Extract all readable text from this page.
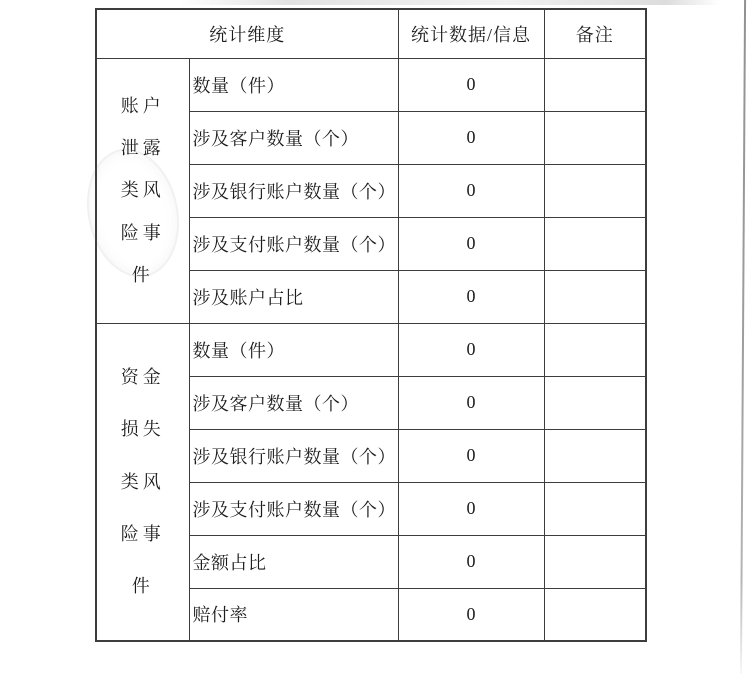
统计维度		统计数据/信息	备注

账户泄露类风险事件	数量（件）	0	
	涉及客户数量（个）	0	
	涉及银行账户数量（个）	0	
	涉及支付账户数量（个）	0	
	涉及账户占比	0	

资金损失类风险事件	数量（件）	0	
	涉及客户数量（个）	0	
	涉及银行账户数量（个）	0	
	涉及支付账户数量（个）	0	
	金额占比	0	
	赔付率	0	
